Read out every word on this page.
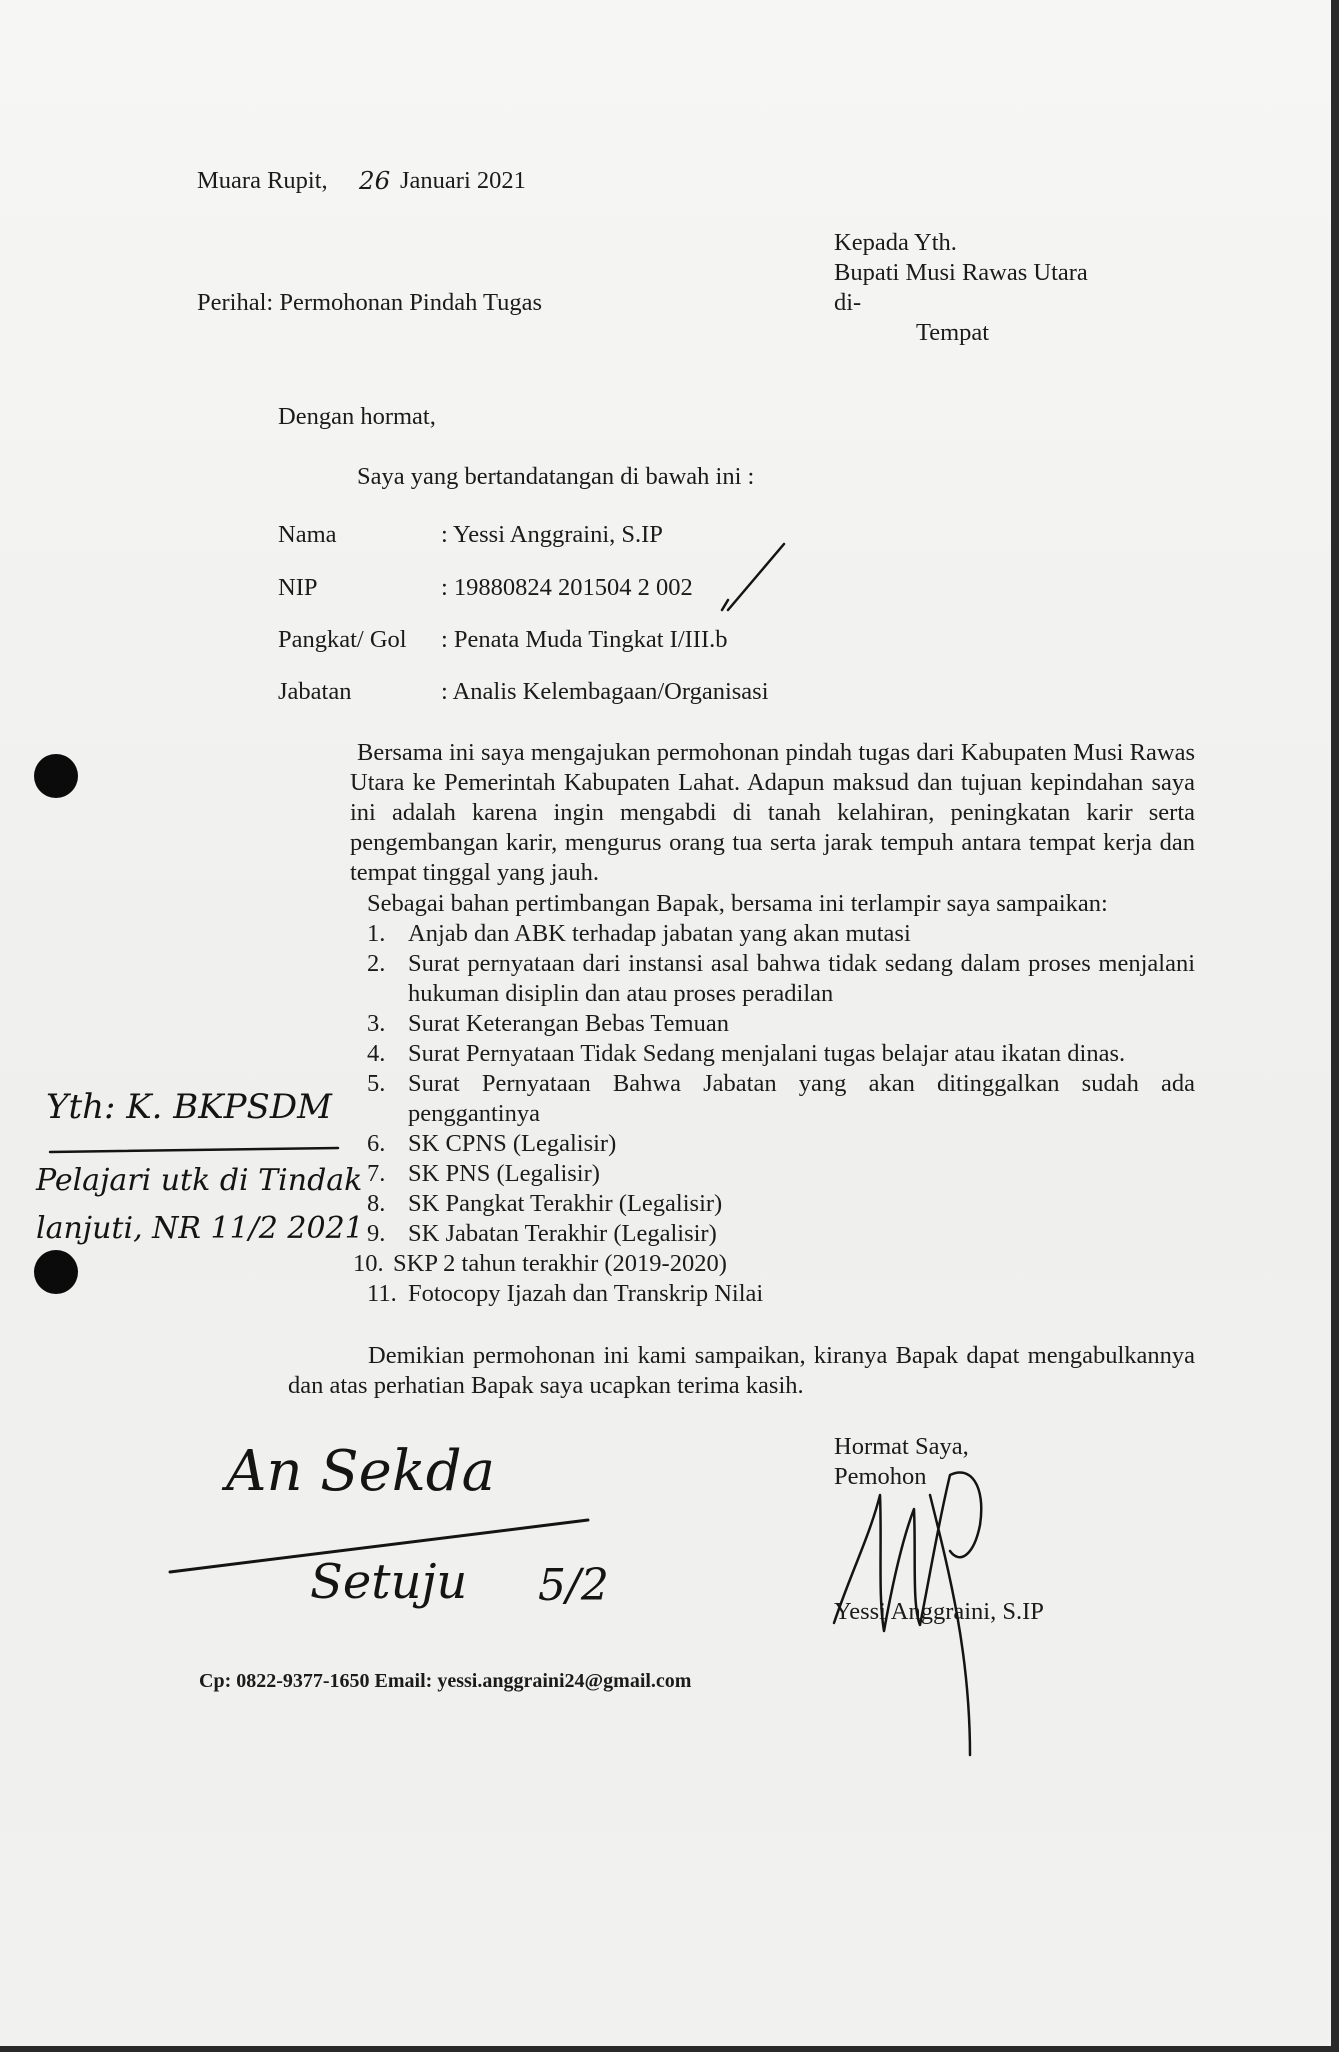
Muara Rupit, 26 Januari 2021
Kepada Yth.
Bupati Musi Rawas Utara
di-
Tempat
Perihal: Permohonan Pindah Tugas
Dengan hormat,
Saya yang bertandatangan di bawah ini :
Nama	: Yessi Anggraini, S.IP
NIP	: 19880824 201504 2 002
Pangkat/ Gol : Penata Muda Tingkat I/III.b
Jabatan	: Analis Kelembagaan/Organisasi
Bersama ini saya mengajukan permohonan pindah tugas dari Kabupaten Musi Rawas Utara ke Pemerintah Kabupaten Lahat. Adapun maksud dan tujuan kepindahan saya ini adalah karena ingin mengabdi di tanah kelahiran, peningkatan karir serta pengembangan karir, mengurus orang tua serta jarak tempuh antara tempat kerja dan tempat tinggal yang jauh.
Sebagai bahan pertimbangan Bapak, bersama ini terlampir saya sampaikan:
1. Anjab dan ABK terhadap jabatan yang akan mutasi
2. Surat pernyataan dari instansi asal bahwa tidak sedang dalam proses menjalani hukuman disiplin dan atau proses peradilan
3. Surat Keterangan Bebas Temuan
4. Surat Pernyataan Tidak Sedang menjalani tugas belajar atau ikatan dinas.
5. Surat Pernyataan Bahwa Jabatan yang akan ditinggalkan sudah ada penggantinya
6. SK CPNS (Legalisir)
7. SK PNS (Legalisir)
8. SK Pangkat Terakhir (Legalisir)
9. SK Jabatan Terakhir (Legalisir)
10. SKP 2 tahun terakhir (2019-2020)
11. Fotocopy Ijazah dan Transkrip Nilai
Demikian permohonan ini kami sampaikan, kiranya Bapak dapat mengabulkannya dan atas perhatian Bapak saya ucapkan terima kasih.
Hormat Saya,
Pemohon
Yessi Anggraini, S.IP
Cp: 0822-9377-1650 Email: yessi.anggraini24@gmail.com
Yth: K. BKPSDM
Pelajari utk di Tindak
lanjuti, NR 11/2 2021
An Sekda
Setuju 5/2
